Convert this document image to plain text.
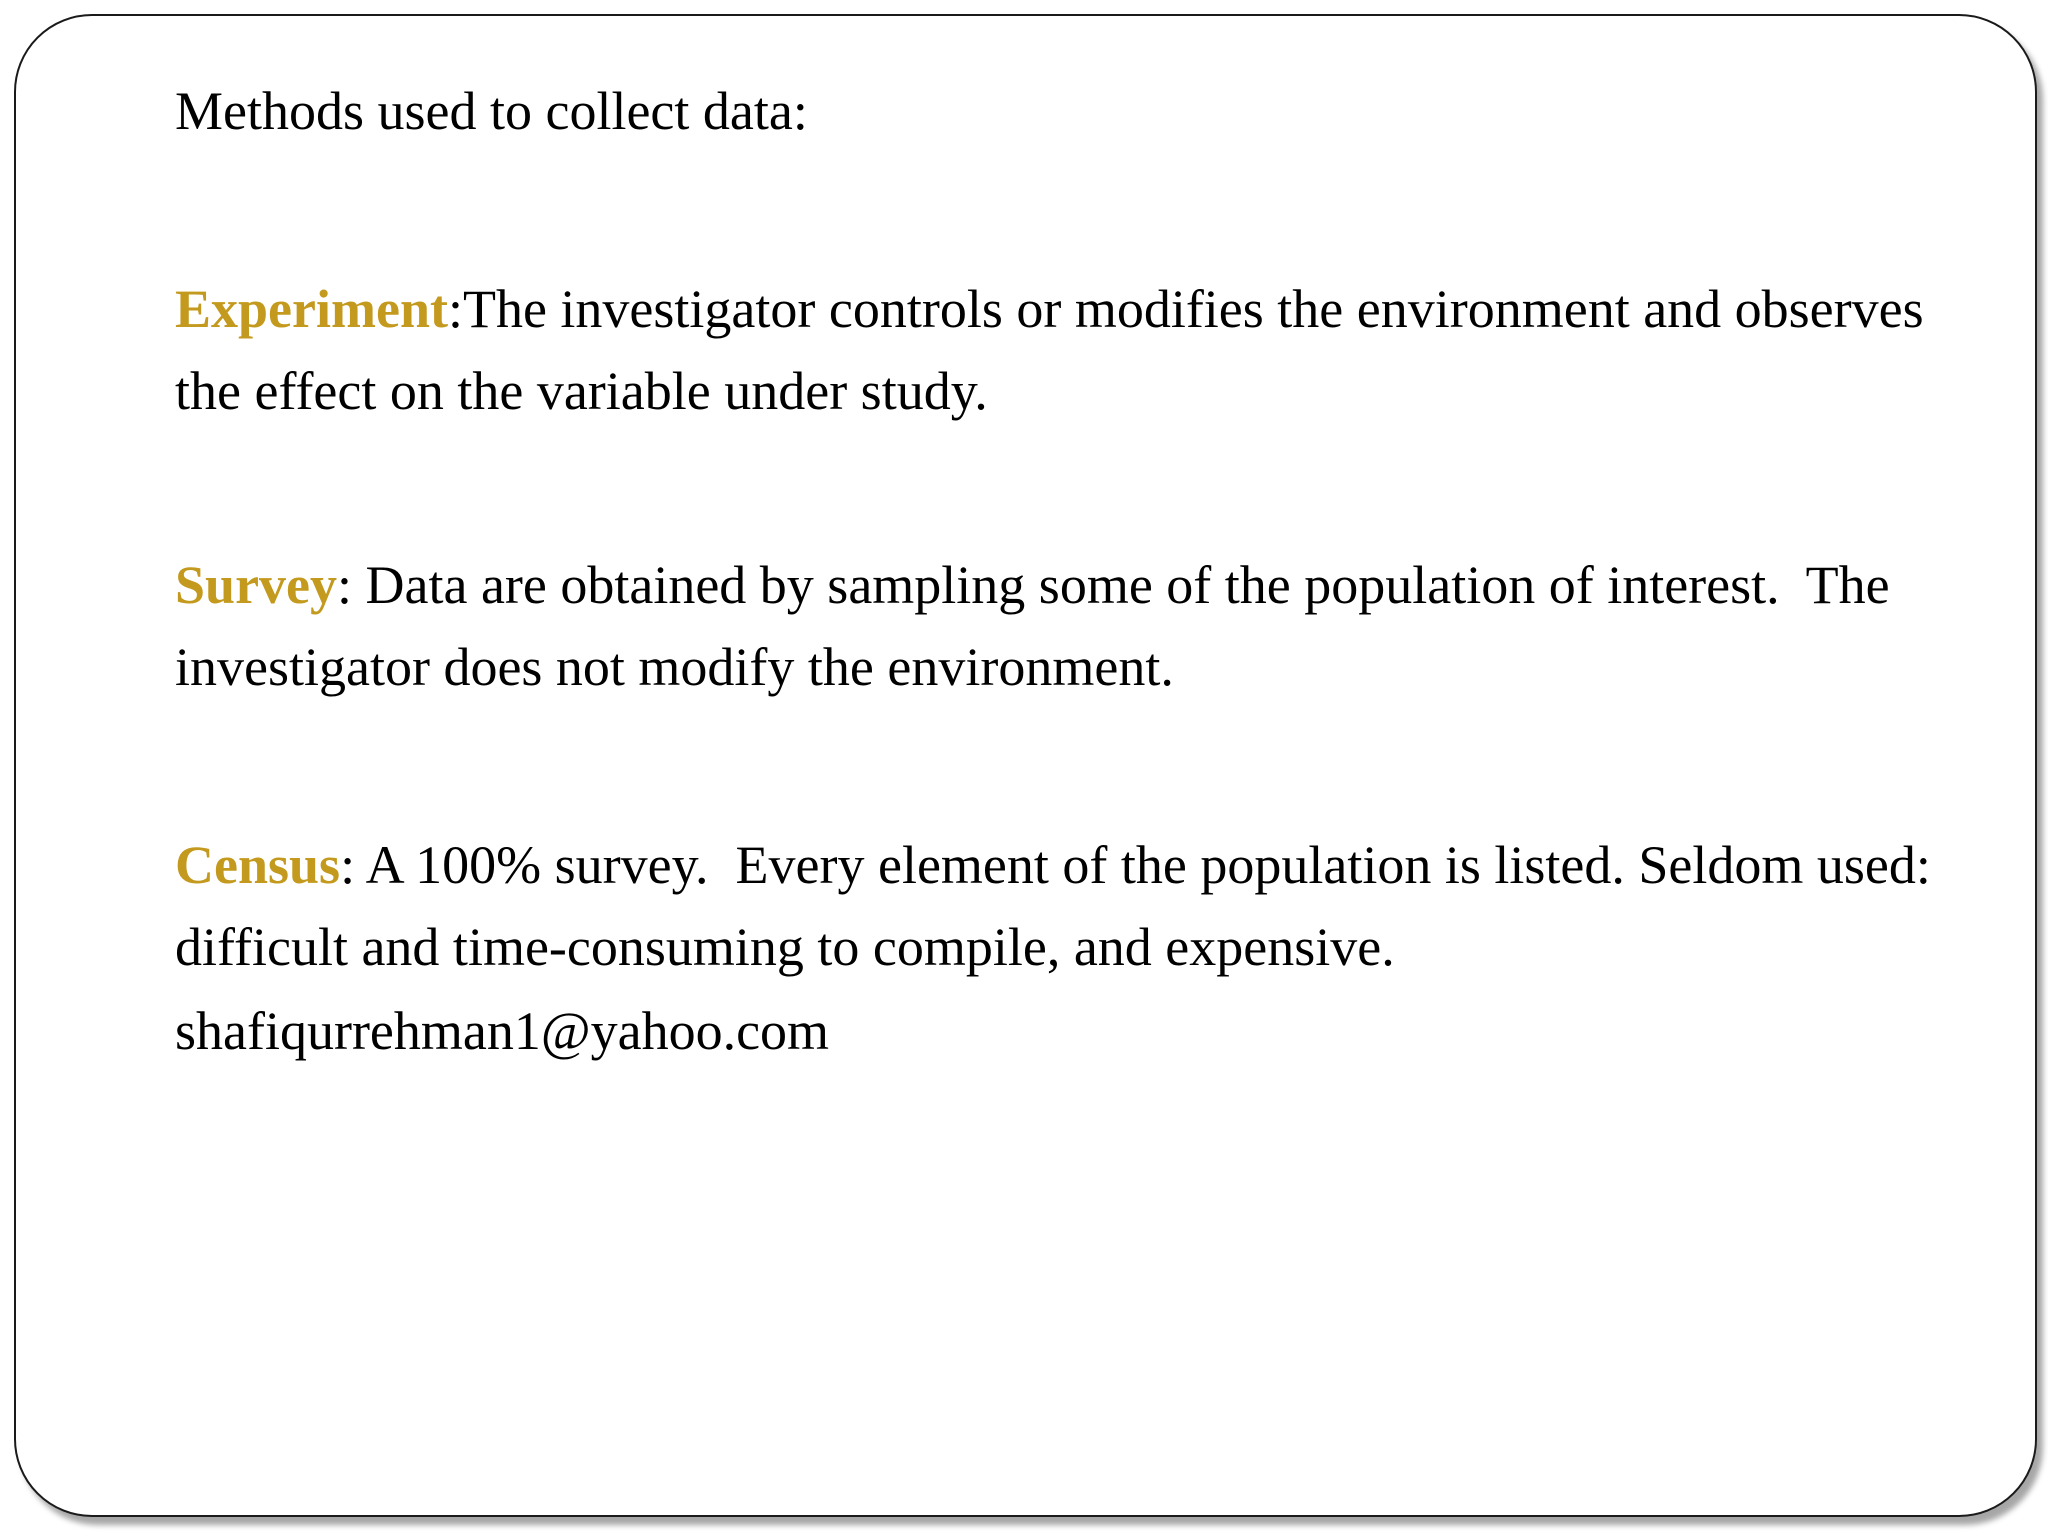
Methods used to collect data:

Experiment:The investigator controls or modifies the environment and observes the effect on the variable under study.

Survey: Data are obtained by sampling some of the population of interest.  The investigator does not modify the environment.

Census: A 100% survey.  Every element of the population is listed. Seldom used: difficult and time-consuming to compile, and expensive.

shafiqurrehman1@yahoo.com
